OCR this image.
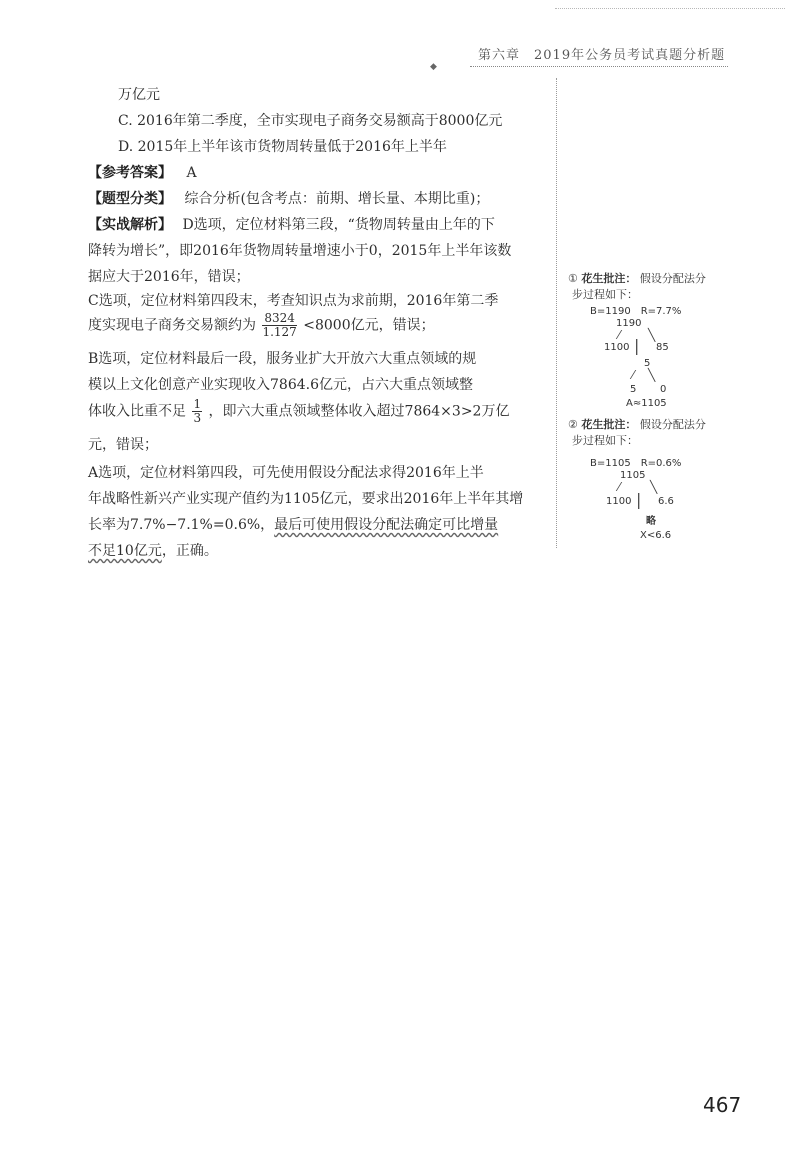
第六章　2019年公务员考试真题分析题
◆
万亿元
C. 2016年第二季度，全市实现电子商务交易额高于8000亿元
D. 2015年上半年该市货物周转量低于2016年上半年
【参考答案】 A
【题型分类】 综合分析(包含考点：前期、增长量、本期比重)；
【实战解析】 D选项，定位材料第三段，“货物周转量由上年的下
降转为增长”，即2016年货物周转量增速小于0，2015年上半年该数
据应大于2016年，错误；
C选项，定位材料第四段末，考查知识点为求前期，2016年第二季
度实现电子商务交易额约为 $\frac{8324}{1.127} <8000$亿元，错误；
B选项，定位材料最后一段，服务业扩大开放六大重点领域的规
模以上文化创意产业实现收入7864.6亿元，占六大重点领域整
体收入比重不足 $\frac{1}{3}$ ，即六大重点领域整体收入超过7864×3>2万亿
元，错误；
A选项，定位材料第四段，可先使用假设分配法求得2016年上半
年战略性新兴产业实现产值约为1105亿元，要求出2016年上半年其增
长率为7.7%−7.1%=0.6%，最后可使用假设分配法确定可比增量
不足10亿元，正确。
① 花生批注： 假设分配法分
步过程如下：
B=1190　R=7.7%
1190
⁄ ╲
1100 | 85
5
⁄ ╲
5 0
A≈1105
② 花生批注： 假设分配法分
步过程如下：
B=1105　R=0.6%
1105
⁄ ╲
1100 | 6.6
略
X<6.6
467
